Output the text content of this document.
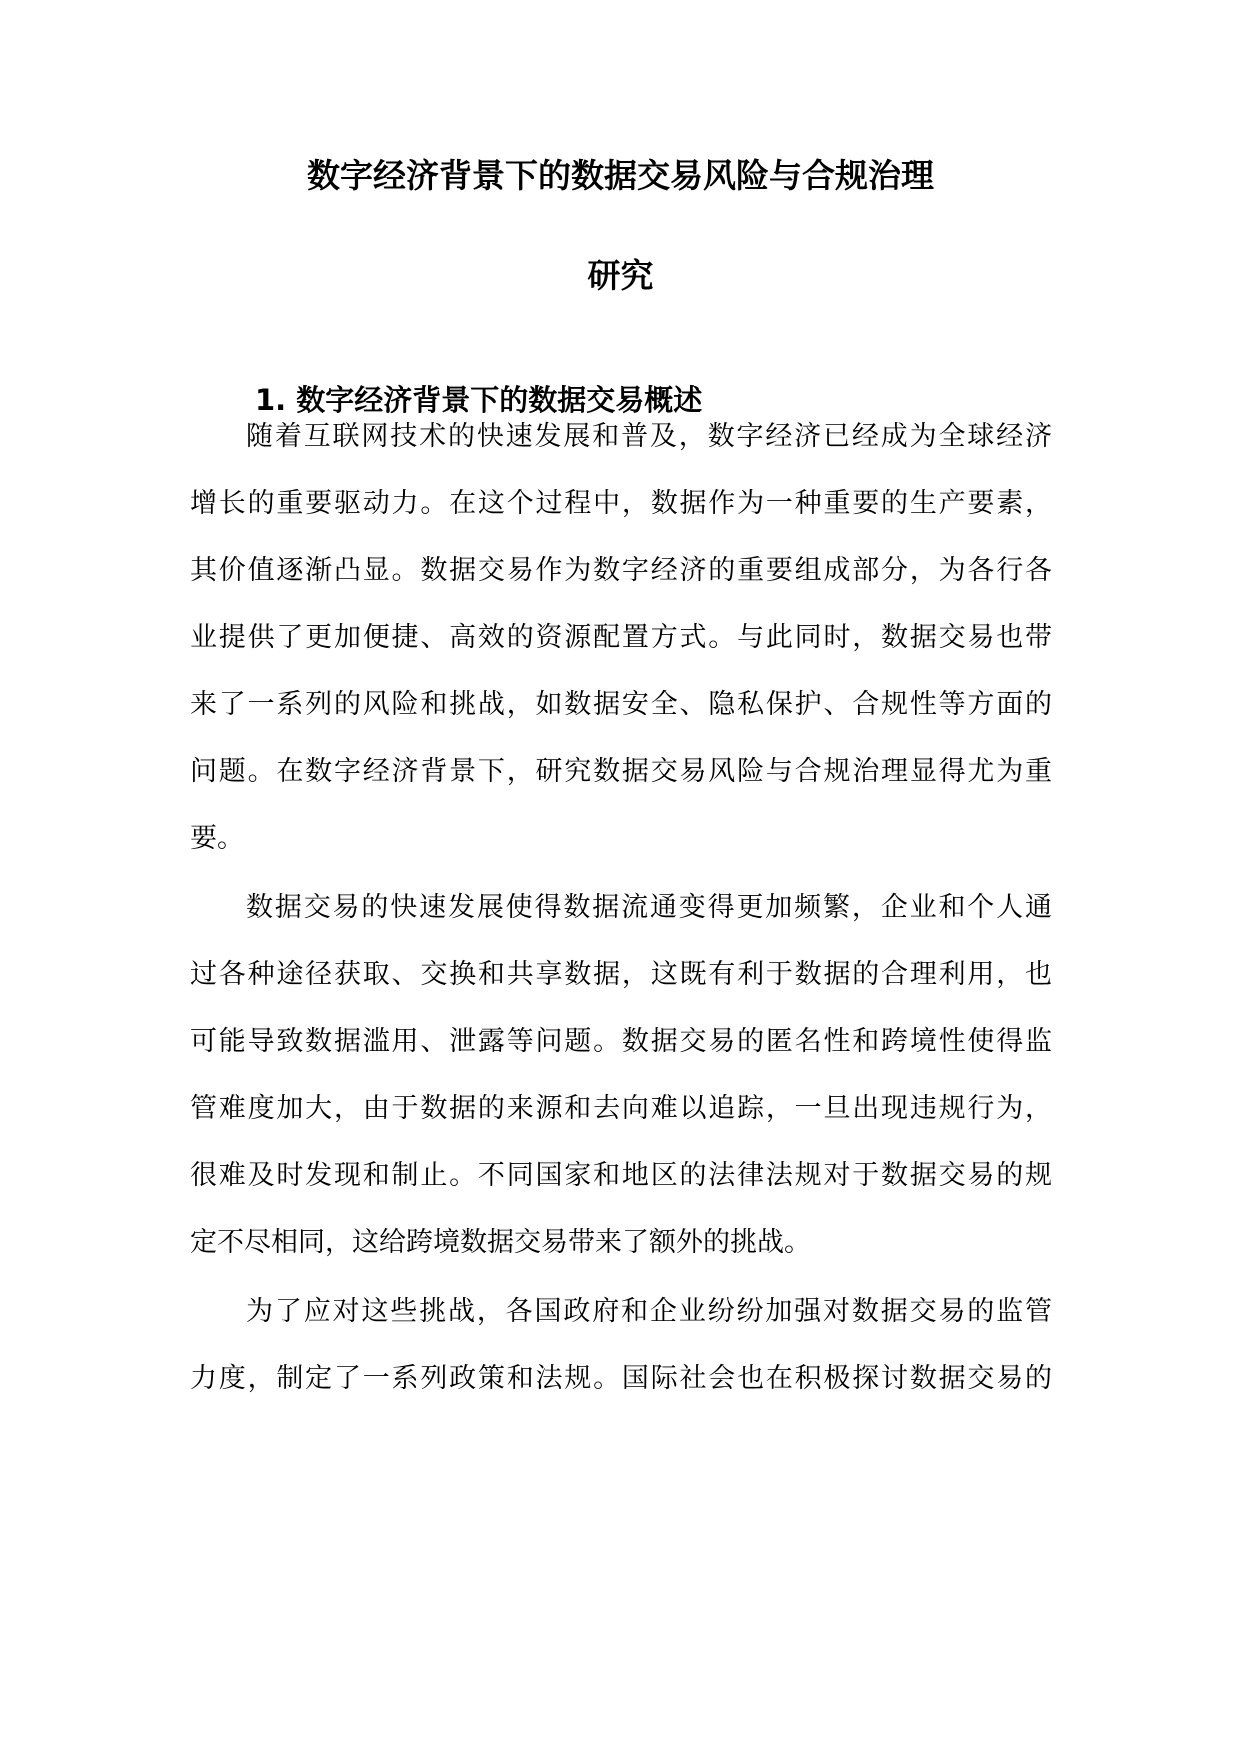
数字经济背景下的数据交易风险与合规治理
研究
1. 数字经济背景下的数据交易概述
随着互联网技术的快速发展和普及，数字经济已经成为全球经济
增长的重要驱动力。在这个过程中，数据作为一种重要的生产要素，
其价值逐渐凸显。数据交易作为数字经济的重要组成部分，为各行各
业提供了更加便捷、高效的资源配置方式。与此同时，数据交易也带
来了一系列的风险和挑战，如数据安全、隐私保护、合规性等方面的
问题。在数字经济背景下，研究数据交易风险与合规治理显得尤为重
要。
数据交易的快速发展使得数据流通变得更加频繁，企业和个人通
过各种途径获取、交换和共享数据，这既有利于数据的合理利用，也
可能导致数据滥用、泄露等问题。数据交易的匿名性和跨境性使得监
管难度加大，由于数据的来源和去向难以追踪，一旦出现违规行为，
很难及时发现和制止。不同国家和地区的法律法规对于数据交易的规
定不尽相同，这给跨境数据交易带来了额外的挑战。
为了应对这些挑战，各国政府和企业纷纷加强对数据交易的监管
力度，制定了一系列政策和法规。国际社会也在积极探讨数据交易的
